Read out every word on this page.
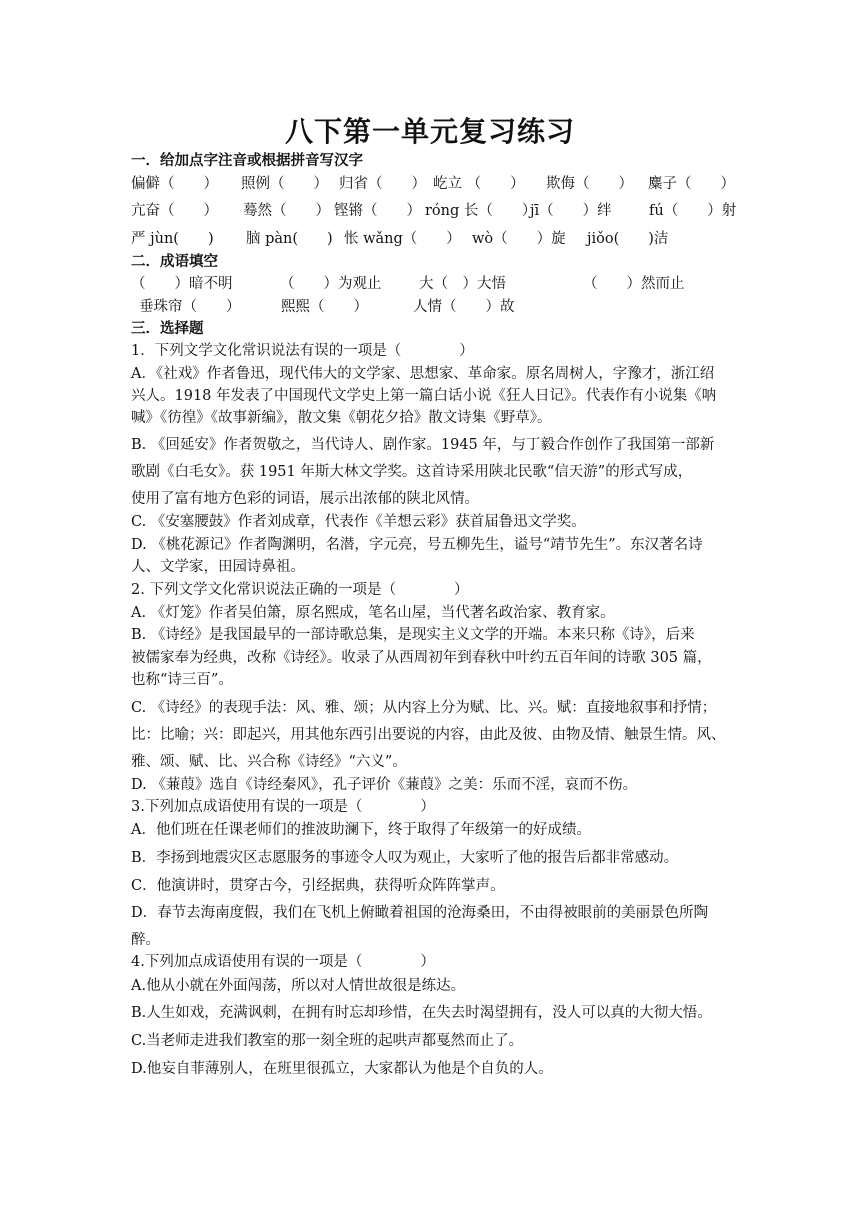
八下第一单元复习练习
一．给加点字注音或根据拼音写汉字
偏僻（　　） 照例（　　） 归省（　　） 屹立 （　　） 欺侮（　　） 麋子（　　）
亢奋（　　） 蓦然（　　） 铿锵（　　） róng 长（　　）
jī（　　）绊	fú（　　）射
严 jùn(　　) 脑 pàn(　　) 怅 wǎng（　　） wò（　　）旋 jiǒo(　　)洁
二．成语填空
（　　）暗不明	（　　）为观止	大（　）大悟	（　　）然而止
垂珠帘（　　）	熙熙（　　）	人情（　　）故
三．选择题
1．下列文学文化常识说法有误的一项是（　　　　）
A．《社戏》作者鲁迅，现代伟大的文学家、思想家、革命家。原名周树人，字豫才，浙江绍
兴人。1918 年发表了中国现代文学史上第一篇白话小说《狂人日记》。代表作有小说集《呐
喊》《彷徨》《故事新编》，散文集《朝花夕拾》散文诗集《野草》。
B. 《回延安》作者贺敬之，当代诗人、剧作家。1945 年，与丁毅合作创作了我国第一部新
歌剧《白毛女》。获 1951 年斯大林文学奖。这首诗采用陕北民歌“信天游”的形式写成，
使用了富有地方色彩的词语，展示出浓郁的陕北风情。
C. 《安塞腰鼓》作者刘成章，代表作《羊想云彩》获首届鲁迅文学奖。
D. 《桃花源记》作者陶渊明，名潜，字元亮，号五柳先生，谥号“靖节先生”。东汉著名诗
人、文学家，田园诗鼻祖。
2. 下列文学文化常识说法正确的一项是（　　　　）
A. 《灯笼》作者吴伯箫，原名熙成，笔名山屋，当代著名政治家、教育家。
B. 《诗经》是我国最早的一部诗歌总集，是现实主义文学的开端。本来只称《诗》，后来
被儒家奉为经典，改称《诗经》。收录了从西周初年到春秋中叶约五百年间的诗歌 305 篇，
也称“诗三百”。
C. 《诗经》的表现手法：风、雅、颂；从内容上分为赋、比、兴。赋：直接地叙事和抒情；
比：比喻；兴：即起兴，用其他东西引出要说的内容，由此及彼、由物及情、触景生情。风、
雅、颂、赋、比、兴合称《诗经》“六义”。
D. 《蒹葭》选自《诗经秦风》，孔子评价《蒹葭》之美：乐而不淫，哀而不伤。
3.下列加点成语使用有误的一项是（　　　　）
A．他们班在任课老师们的推波助澜下，终于取得了年级第一的好成绩。
B．李扬到地震灾区志愿服务的事迹令人叹为观止，大家听了他的报告后都非常感动。
C．他演讲时，贯穿古今，引经据典，获得听众阵阵掌声。
D．春节去海南度假，我们在飞机上俯瞰着祖国的沧海桑田，不由得被眼前的美丽景色所陶
醉。
4.下列加点成语使用有误的一项是（　　　　）
A.他从小就在外面闯荡，所以对人情世故很是练达。
B.人生如戏，充满讽刺，在拥有时忘却珍惜，在失去时渴望拥有，没人可以真的大彻大悟。
C.当老师走进我们教室的那一刻全班的起哄声都戛然而止了。
D.他妄自菲薄别人，在班里很孤立，大家都认为他是个自负的人。
